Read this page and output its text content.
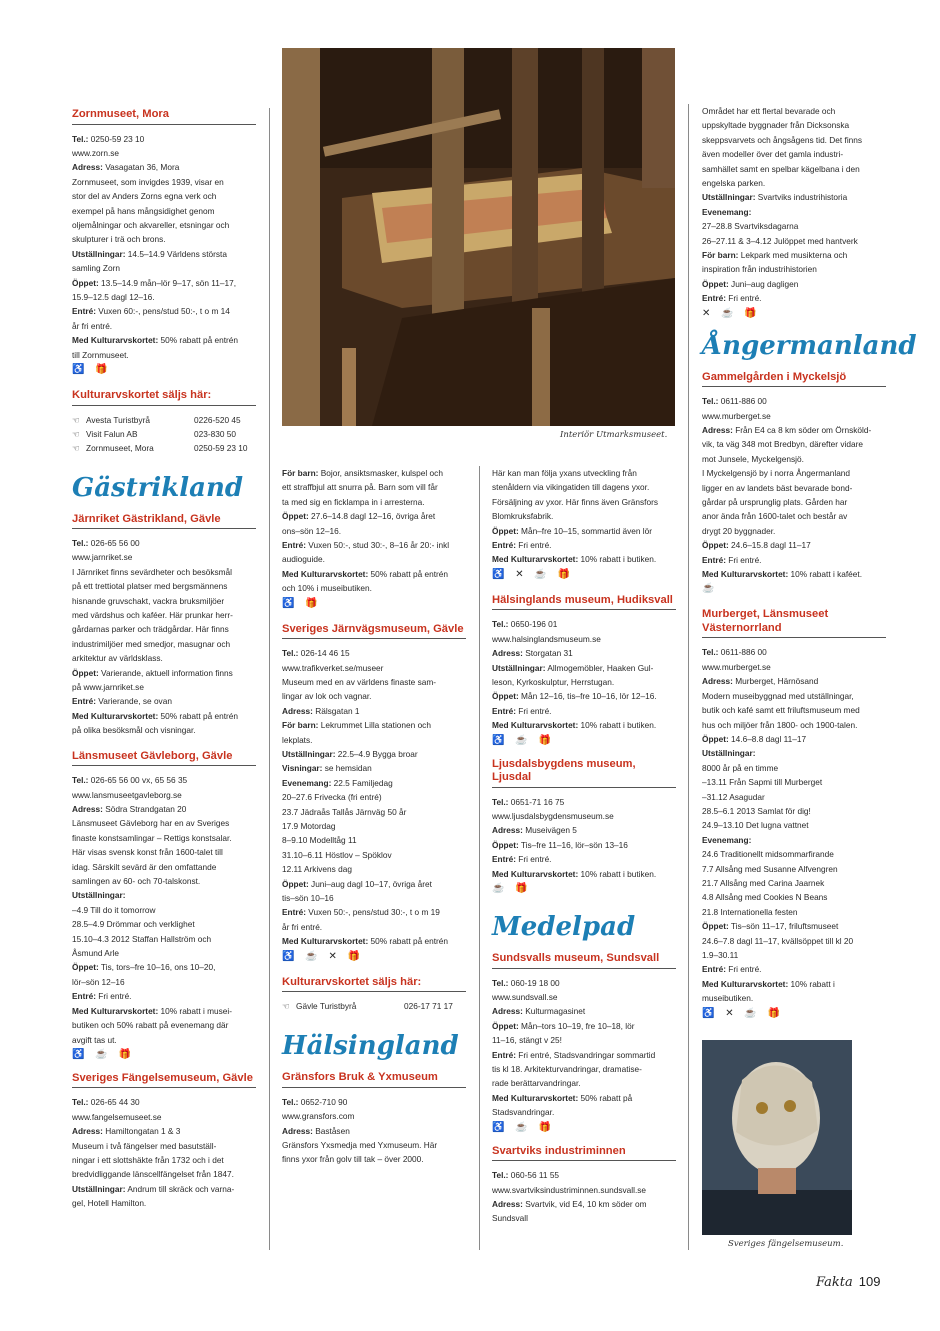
Zornmuseet, Mora
Tel.: 0250-59 23 10
www.zorn.se
Adress: Vasagatan 36, Mora
Zornmuseet, som invigdes 1939, visar en
stor del av Anders Zorns egna verk och
exempel på hans mångsidighet genom
oljemålningar och akvareller, etsningar och
skulpturer i trä och brons.
Utställningar: 14.5–14.9 Världens största
samling Zorn
Öppet: 13.5–14.9 mån–lör 9–17, sön 11–17,
15.9–12.5 dagl 12–16.
Entré: Vuxen 60:-, pens/stud 50:-, t o m 14
år fri entré.
Med Kulturarvskortet: 50% rabatt på entrén
till Zornmuseet.
♿ 🎁
Kulturarvskortet säljs här:
☜ Avesta Turistbyrå	0226-520 45
☜ Visit Falun AB	023-830 50
☜ Zornmuseet, Mora	0250-59 23 10
Gästrikland
Järnriket Gästrikland, Gävle
Tel.: 026-65 56 00
www.jarnriket.se
I Järnriket finns sevärdheter och besöksmål
på ett trettiotal platser med bergsmännens
hisnande gruvschakt, vackra bruksmiljöer
med värdshus och kaféer. Här prunkar herr-
gårdarnas parker och trädgårdar. Här finns
industrimiljöer med smedjor, masugnar och
arkitektur av världsklass.
Öppet: Varierande, aktuell information finns
på www.jarnriket.se
Entré: Varierande, se ovan
Med Kulturarvskortet: 50% rabatt på entrén
på olika besöksmål och visningar.
Länsmuseet Gävleborg, Gävle
Tel.: 026-65 56 00 vx, 65 56 35
www.lansmuseetgavleborg.se
Adress: Södra Strandgatan 20
Länsmuseet Gävleborg har en av Sveriges
finaste konstsamlingar – Rettigs konstsalar.
Här visas svensk konst från 1600-talet till
idag. Särskilt sevärd är den omfattande
samlingen av 60- och 70-talskonst.
Utställningar:
–4.9 Till do it tomorrow
28.5–4.9 Drömmar och verklighet
15.10–4.3 2012 Staffan Hallström och
Åsmund Arle
Öppet: Tis, tors–fre 10–16, ons 10–20,
lör–sön 12–16
Entré: Fri entré.
Med Kulturarvskortet: 10% rabatt i musei-
butiken och 50% rabatt på evenemang där
avgift tas ut.
♿ ☕ 🎁
Sveriges Fängelsemuseum, Gävle
Tel.: 026-65 44 30
www.fangelsemuseet.se
Adress: Hamiltongatan 1 & 3
Museum i två fängelser med basutställ-
ningar i ett slottshäkte från 1732 och i det
bredvidliggande länscellfängelset från 1847.
Utställningar: Andrum till skräck och varna-
gel, Hotell Hamilton.
Interiör Utmarksmuseet.
För barn: Bojor, ansiktsmasker, kulspel och
ett straffbjul att snurra på. Barn som vill får
ta med sig en ficklampa in i arresterna.
Öppet: 27.6–14.8 dagl 12–16, övriga året
ons–sön 12–16.
Entré: Vuxen 50:-, stud 30:-, 8–16 år 20:- inkl
audioguide.
Med Kulturarvskortet: 50% rabatt på entrén
och 10% i museibutiken.
♿ 🎁
Sveriges Järnvägsmuseum, Gävle
Tel.: 026-14 46 15
www.trafikverket.se/museer
Museum med en av världens finaste sam-
lingar av lok och vagnar.
Adress: Rälsgatan 1
För barn: Lekrummet Lilla stationen och
lekplats.
Utställningar: 22.5–4.9 Bygga broar
Visningar: se hemsidan
Evenemang: 22.5 Familjedag
20–27.6 Frivecka (fri entré)
23.7 Jädraås Tallås Järnväg 50 år
17.9 Motordag
8–9.10 Modelltåg 11
31.10–6.11 Höstlov – Spöklov
12.11 Arkivens dag
Öppet: Juni–aug dagl 10–17, övriga året
tis–sön 10–16
Entré: Vuxen 50:-, pens/stud 30:-, t o m 19
år fri entré.
Med Kulturarvskortet: 50% rabatt på entrén
♿ ☕ ✕ 🎁
Kulturarvskortet säljs här:
☜ Gävle Turistbyrå	026-17 71 17
Hälsingland
Gränsfors Bruk & Yxmuseum
Tel.: 0652-710 90
www.gransfors.com
Adress: Baståsen
Gränsfors Yxsmedja med Yxmuseum. Här
finns yxor från golv till tak – över 2000.
Här kan man följa yxans utveckling från
stenåldern via vikingatiden till dagens yxor.
Försäljning av yxor. Här finns även Gränsfors
Blomkruksfabrik.
Öppet: Mån–fre 10–15, sommartid även lör
Entré: Fri entré.
Med Kulturarvskortet: 10% rabatt i butiken.
♿ ✕ ☕ 🎁
Hälsinglands museum, Hudiksvall
Tel.: 0650-196 01
www.halsinglandsmuseum.se
Adress: Storgatan 31
Utställningar: Allmogemöbler, Haaken Gul-
leson, Kyrkoskulptur, Herrstugan.
Öppet: Mån 12–16, tis–fre 10–16, lör 12–16.
Entré: Fri entré.
Med Kulturarvskortet: 10% rabatt i butiken.
♿ ☕ 🎁
Ljusdalsbygdens museum, Ljusdal
Tel.: 0651-71 16 75
www.ljusdalsbygdensmuseum.se
Adress: Museivägen 5
Öppet: Tis–fre 11–16, lör–sön 13–16
Entré: Fri entré.
Med Kulturarvskortet: 10% rabatt i butiken.
☕ 🎁
Medelpad
Sundsvalls museum, Sundsvall
Tel.: 060-19 18 00
www.sundsvall.se
Adress: Kulturmagasinet
Öppet: Mån–tors 10–19, fre 10–18, lör
11–16, stängt v 25!
Entré: Fri entré, Stadsvandringar sommartid
tis kl 18. Arkitekturvandringar, dramatise-
rade berättarvandringar.
Med Kulturarvskortet: 50% rabatt på
Stadsvandringar.
♿ ☕ 🎁
Svartviks industriminnen
Tel.: 060-56 11 55
www.svartviksindustriminnen.sundsvall.se
Adress: Svartvik, vid E4, 10 km söder om
Sundsvall
Området har ett flertal bevarade och
uppskyltade byggnader från Dicksonska
skeppsvarvets och ångsågens tid. Det finns
även modeller över det gamla industri-
samhället samt en spelbar kägelbana i den
engelska parken.
Utställningar: Svartviks industrihistoria
Evenemang:
27–28.8 Svartviksdagarna
26–27.11 & 3–4.12 Julöppet med hantverk
För barn: Lekpark med musikterna och
inspiration från industrihistorien
Öppet: Juni–aug dagligen
Entré: Fri entré.
✕ ☕ 🎁
Ångermanland
Gammelgården i Myckelsjö
Tel.: 0611-886 00
www.murberget.se
Adress: Från E4 ca 8 km söder om Örnsköld-
vik, ta väg 348 mot Bredbyn, därefter vidare
mot Junsele, Myckelgensjö.
I Myckelgensjö by i norra Ångermanland
ligger en av landets bäst bevarade bond-
gårdar på ursprunglig plats. Gården har
anor ända från 1600-talet och består av
drygt 20 byggnader.
Öppet: 24.6–15.8 dagl 11–17
Entré: Fri entré.
Med Kulturarvskortet: 10% rabatt i kaféet.
☕
Murberget, Länsmuseet Västernorrland
Tel.: 0611-886 00
www.murberget.se
Adress: Murberget, Härnösand
Modern museibyggnad med utställningar,
butik och kafé samt ett friluftsmuseum med
hus och miljöer från 1800- och 1900-talen.
Öppet: 14.6–8.8 dagl 11–17
Utställningar:
8000 år på en timme
–13.11 Från Sapmi till Murberget
–31.12 Asagudar
28.5–6.1 2013 Samlat för dig!
24.9–13.10 Det lugna vattnet
Evenemang:
24.6 Traditionellt midsommarfirande
7.7 Allsång med Susanne Alfvengren
21.7 Allsång med Carina Jaarnek
4.8 Allsång med Cookies N Beans
21.8 Internationella festen
Öppet: Tis–sön 11–17, friluftsmuseet
24.6–7.8 dagl 11–17, kvällsöppet till kl 20
1.9–30.11
Entré: Fri entré.
Med Kulturarvskortet: 10% rabatt i
museibutiken.
♿ ✕ ☕ 🎁
Sveriges fängelsemuseum.
Fakta 109
